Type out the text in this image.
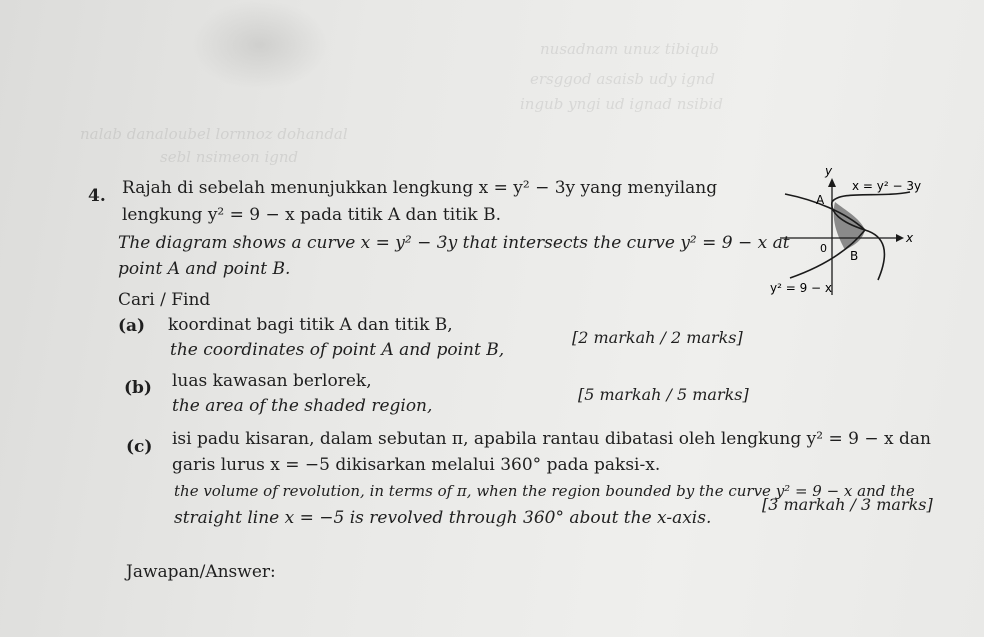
nusadnam unuz tibiqub
ersggod asaisb udy ignd
ingub yngi ud ignad nsibid
nalab danaloubel lornnoz dohandal
sebl nsimeon ignd
4. Rajah di sebelah menunjukkan lengkung x = y² − 3y yang menyilang
lengkung y² = 9 − x pada titik A dan titik B.
The diagram shows a curve x = y² − 3y that intersects the curve y² = 9 − x at
point A and point B.
Cari / Find
(a) koordinat bagi titik A dan titik B,
the coordinates of point A and point B,
[2 markah / 2 marks]
(b) luas kawasan berlorek,
the area of the shaded region,
[5 markah / 5 marks]
(c) isi padu kisaran, dalam sebutan π, apabila rantau dibatasi oleh lengkung y² = 9 − x dan
garis lurus x = −5 dikisarkan melalui 360° pada paksi-x.
the volume of revolution, in terms of π, when the region bounded by the curve y² = 9 − x and the
straight line x = −5 is revolved through 360° about the x-axis.
[3 markah / 3 marks]
Jawapan/Answer:
y
x
0
A
B
x = y² − 3y
y² = 9 − x
